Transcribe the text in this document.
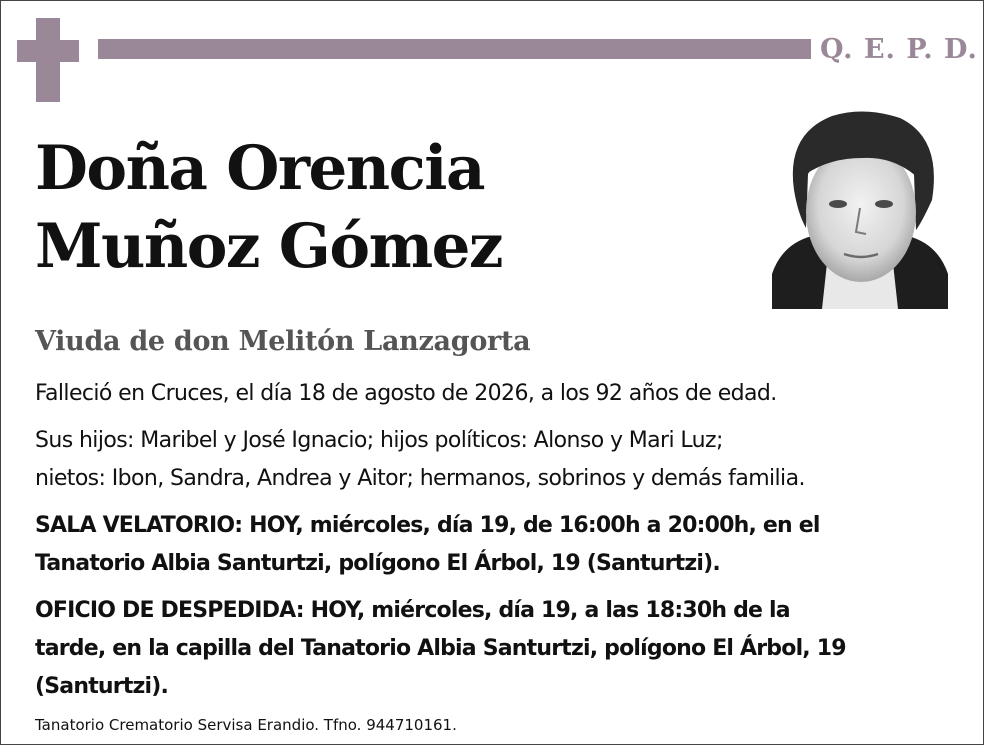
Q. E. P. D.
Doña Orencia
Muñoz Gómez
Viuda de don Melitón Lanzagorta
Falleció en Cruces, el día 18 de agosto de 2026, a los 92 años de edad.
Sus hijos: Maribel y José Ignacio; hijos políticos: Alonso y Mari Luz;
nietos: Ibon, Sandra, Andrea y Aitor; hermanos, sobrinos y demás familia.
SALA VELATORIO: HOY, miércoles, día 19, de 16:00h a 20:00h, en el
Tanatorio Albia Santurtzi, polígono El Árbol, 19 (Santurtzi).
OFICIO DE DESPEDIDA: HOY, miércoles, día 19, a las 18:30h de la
tarde, en la capilla del Tanatorio Albia Santurtzi, polígono El Árbol, 19
(Santurtzi).
Tanatorio Crematorio Servisa Erandio. Tfno. 944710161.
